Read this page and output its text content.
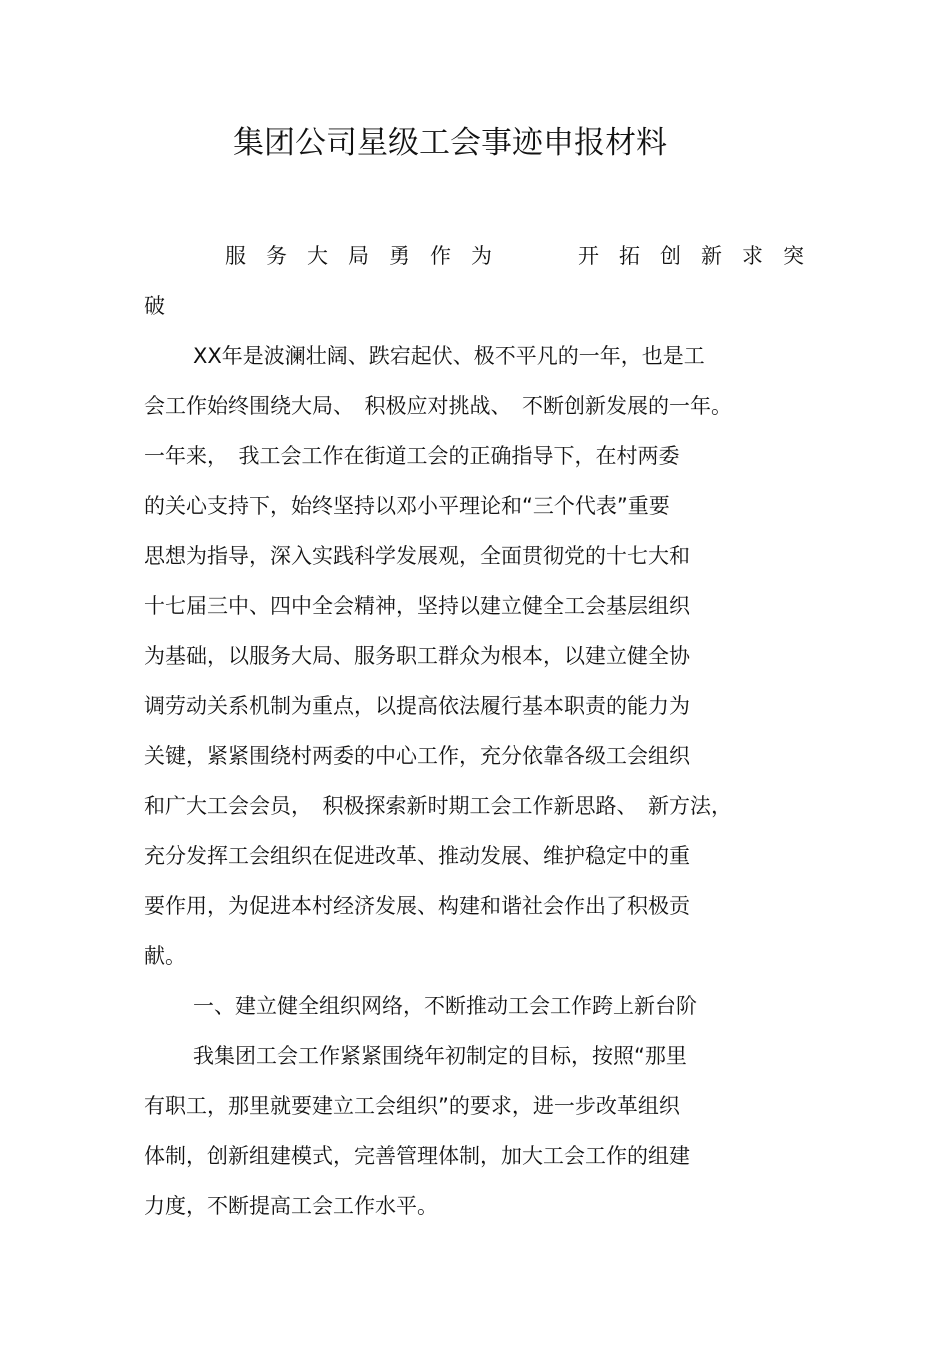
集团公司星级工会事迹申报材料
服务大局勇作为	开拓创新求突
破
XX年是波澜壮阔、跌宕起伏、极不平凡的一年，也是工
会工作始终围绕大局、　积极应对挑战、　不断创新发展的一年。
一年来，　我工会工作在街道工会的正确指导下，在村两委
的关心支持下，始终坚持以邓小平理论和“三个代表”重要
思想为指导，深入实践科学发展观，全面贯彻党的十七大和
十七届三中、四中全会精神，坚持以建立健全工会基层组织
为基础，以服务大局、服务职工群众为根本，以建立健全协
调劳动关系机制为重点，以提高依法履行基本职责的能力为
关键，紧紧围绕村两委的中心工作，充分依靠各级工会组织
和广大工会会员，　积极探索新时期工会工作新思路、　新方法，
充分发挥工会组织在促进改革、推动发展、维护稳定中的重
要作用，为促进本村经济发展、构建和谐社会作出了积极贡
献。
一、建立健全组织网络，不断推动工会工作跨上新台阶
我集团工会工作紧紧围绕年初制定的目标，按照“那里
有职工，那里就要建立工会组织”的要求，进一步改革组织
体制，创新组建模式，完善管理体制，加大工会工作的组建
力度，不断提高工会工作水平。
